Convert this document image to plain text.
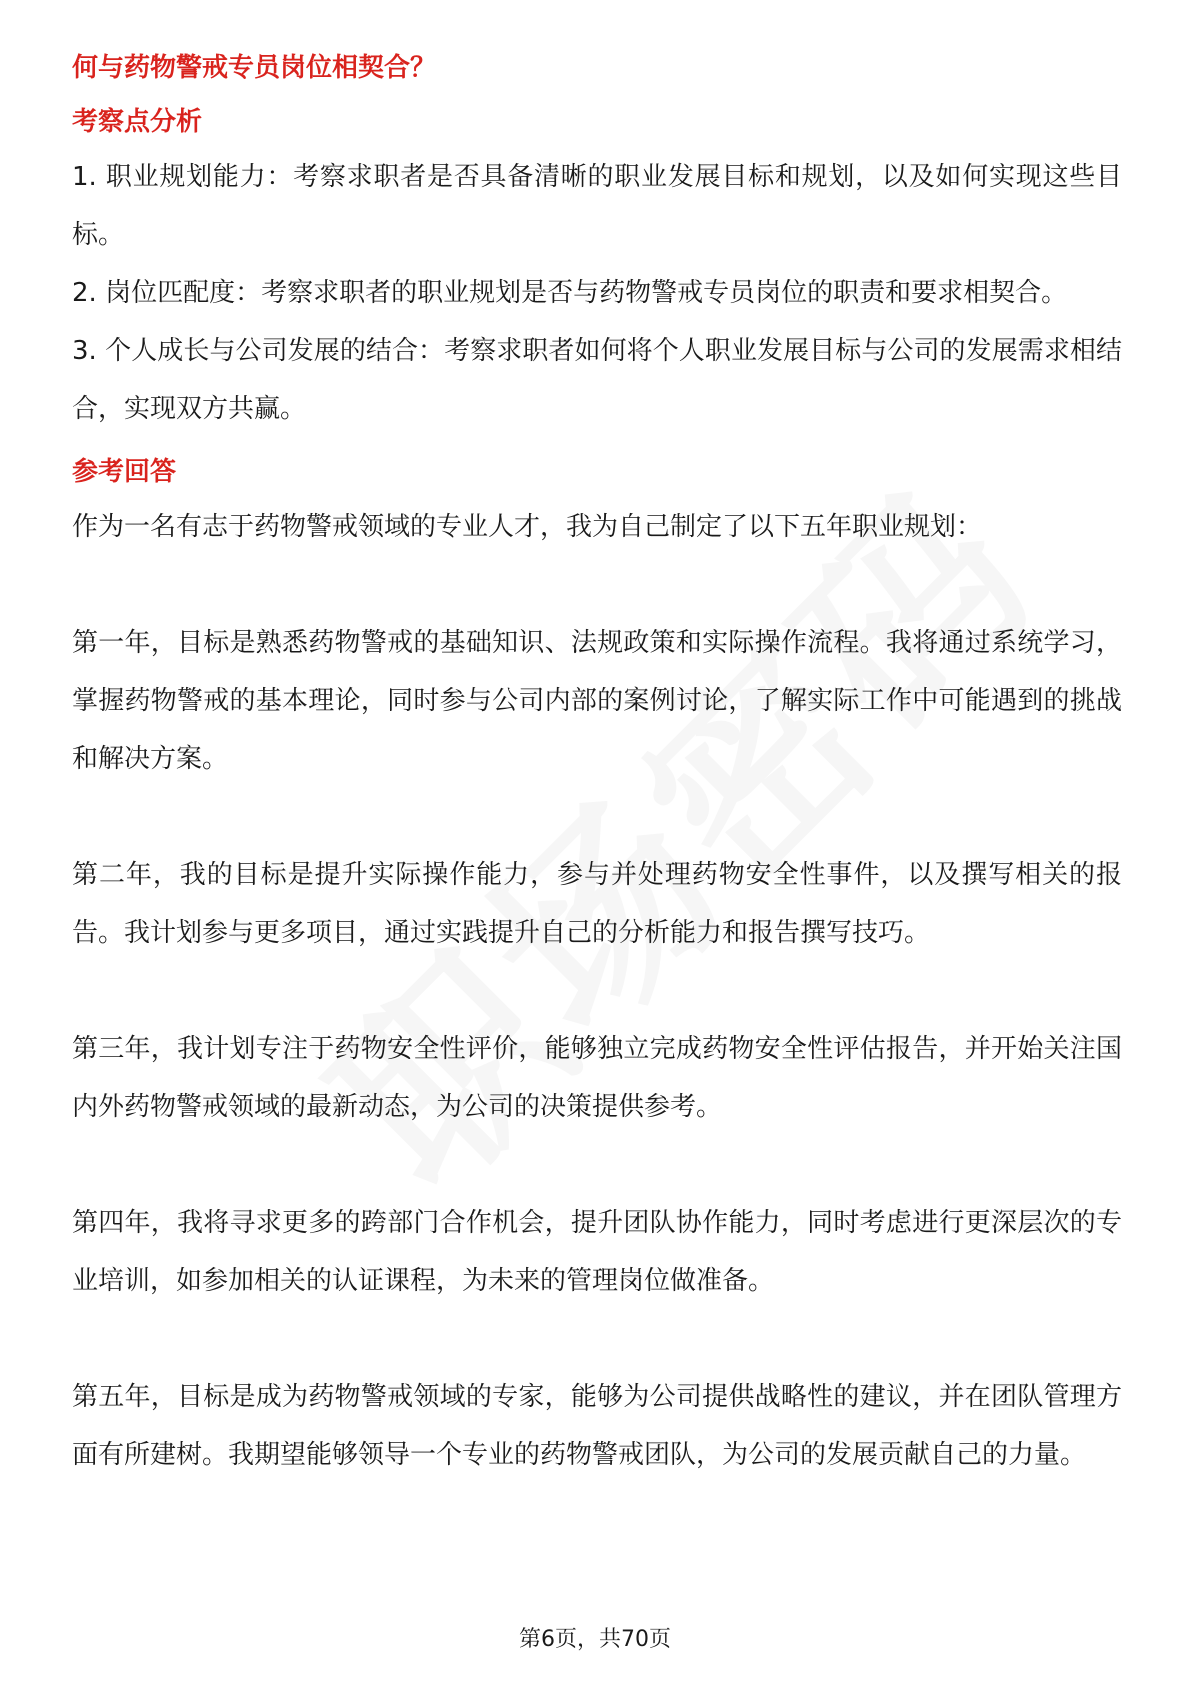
何与药物警戒专员岗位相契合？

考察点分析

1. 职业规划能力：考察求职者是否具备清晰的职业发展目标和规划，以及如何实现这些目标。

2. 岗位匹配度：考察求职者的职业规划是否与药物警戒专员岗位的职责和要求相契合。

3. 个人成长与公司发展的结合：考察求职者如何将个人职业发展目标与公司的发展需求相结合，实现双方共赢。

参考回答

作为一名有志于药物警戒领域的专业人才，我为自己制定了以下五年职业规划：

第一年，目标是熟悉药物警戒的基础知识、法规政策和实际操作流程。我将通过系统学习，掌握药物警戒的基本理论，同时参与公司内部的案例讨论，了解实际工作中可能遇到的挑战和解决方案。

第二年，我的目标是提升实际操作能力，参与并处理药物安全性事件，以及撰写相关的报告。我计划参与更多项目，通过实践提升自己的分析能力和报告撰写技巧。

第三年，我计划专注于药物安全性评价，能够独立完成药物安全性评估报告，并开始关注国内外药物警戒领域的最新动态，为公司的决策提供参考。

第四年，我将寻求更多的跨部门合作机会，提升团队协作能力，同时考虑进行更深层次的专业培训，如参加相关的认证课程，为未来的管理岗位做准备。

第五年，目标是成为药物警戒领域的专家，能够为公司提供战略性的建议，并在团队管理方面有所建树。我期望能够领导一个专业的药物警戒团队，为公司的发展贡献自己的力量。

第6页，共70页
